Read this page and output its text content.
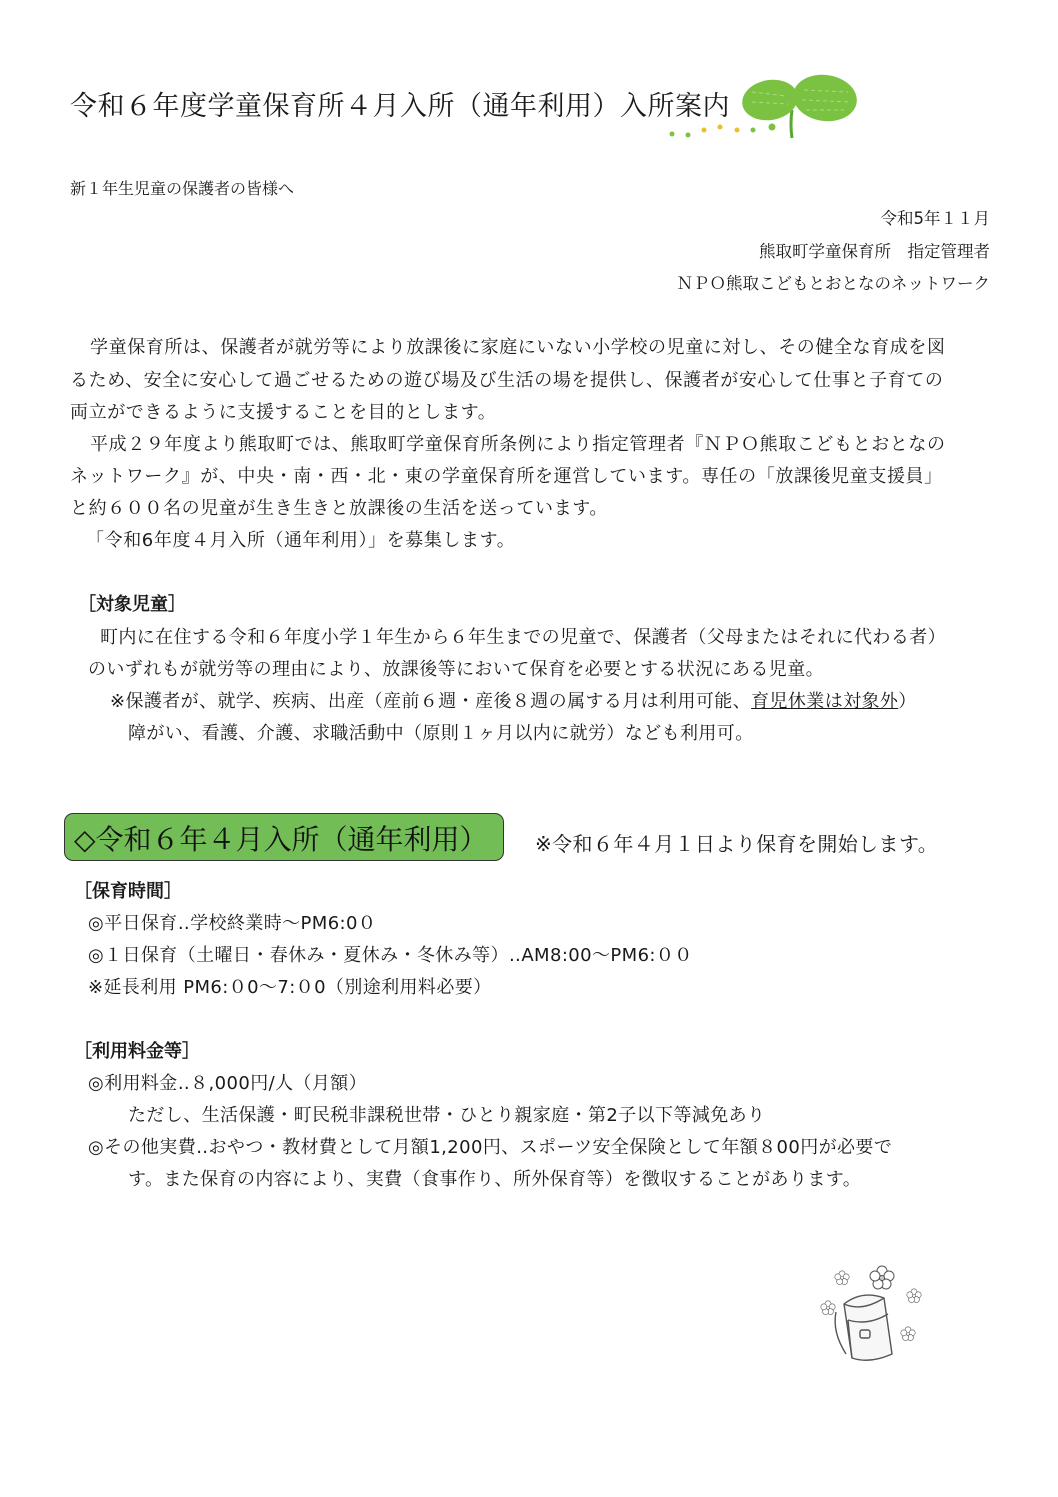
令和６年度学童保育所４月入所（通年利用）入所案内
新１年生児童の保護者の皆様へ
令和5年１１月
熊取町学童保育所　指定管理者
ＮＰＯ熊取こどもとおとなのネットワーク
学童保育所は、保護者が就労等により放課後に家庭にいない小学校の児童に対し、その健全な育成を図
るため、安全に安心して過ごせるための遊び場及び生活の場を提供し、保護者が安心して仕事と子育ての
両立ができるように支援することを目的とします。
平成２９年度より熊取町では、熊取町学童保育所条例により指定管理者『ＮＰＯ熊取こどもとおとなの
ネットワーク』が、中央・南・西・北・東の学童保育所を運営しています。専任の「放課後児童支援員」
と約６００名の児童が生き生きと放課後の生活を送っています。
「令和6年度４月入所（通年利用）」を募集します。
［対象児童］
町内に在住する令和６年度小学１年生から６年生までの児童で、保護者（父母またはそれに代わる者）
のいずれもが就労等の理由により、放課後等において保育を必要とする状況にある児童。
※保護者が、就学、疾病、出産（産前６週・産後８週の属する月は利用可能、育児休業は対象外）
障がい、看護、介護、求職活動中（原則１ヶ月以内に就労）なども利用可。
◇令和６年４月入所（通年利用） ※令和６年４月１日より保育を開始します。
［保育時間］
◎平日保育‥学校終業時～PM6:0０
◎１日保育（土曜日・春休み・夏休み・冬休み等）‥AM8:00～PM6:００
※延長利用 PM6:０0～7:０0（別途利用料必要）
［利用料金等］
◎利用料金‥８,000円/人（月額）
ただし、生活保護・町民税非課税世帯・ひとり親家庭・第2子以下等減免あり
◎その他実費‥おやつ・教材費として月額1,200円、スポーツ安全保険として年額８00円が必要で
す。また保育の内容により、実費（食事作り、所外保育等）を徴収することがあります。
